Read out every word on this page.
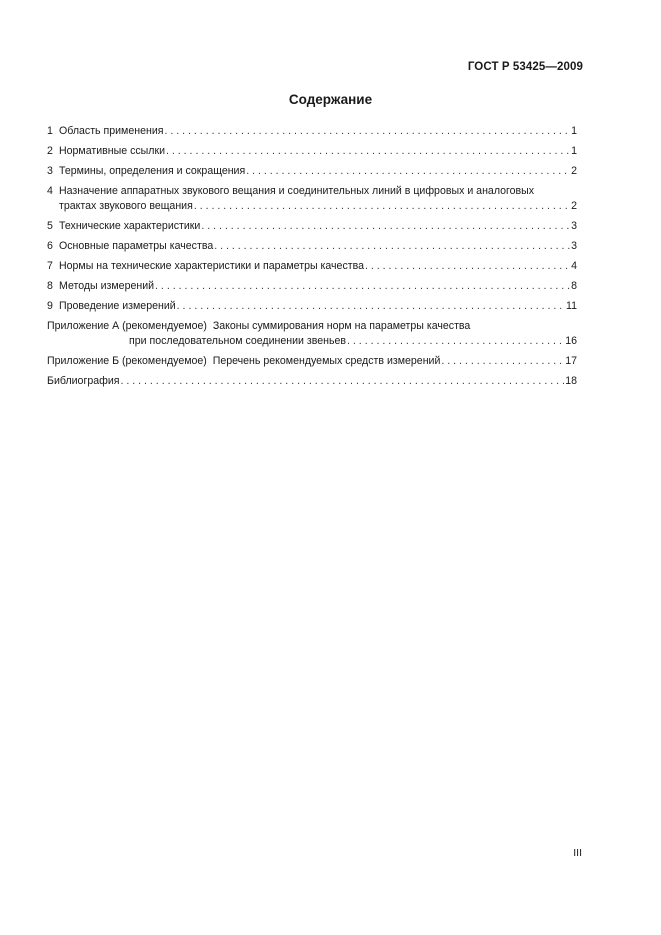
ГОСТ Р 53425—2009
Содержание
1 Область применения . . .	1
2 Нормативные ссылки . . .	1
3 Термины, определения и сокращения . . .	2
4 Назначение аппаратных звукового вещания и соединительных линий в цифровых и аналоговых
трактах звукового вещания . . .	2
5 Технические характеристики . . .	3
6 Основные параметры качества . . .	3
7 Нормы на технические характеристики и параметры качества . . .	4
8 Методы измерений . . .	8
9 Проведение измерений . . .	11
Приложение А (рекомендуемое) Законы суммирования норм на параметры качества
при последовательном соединении звеньев . . .	16
Приложение Б (рекомендуемое) Перечень рекомендуемых средств измерений . . .	17
Библиография . . .	18
III
